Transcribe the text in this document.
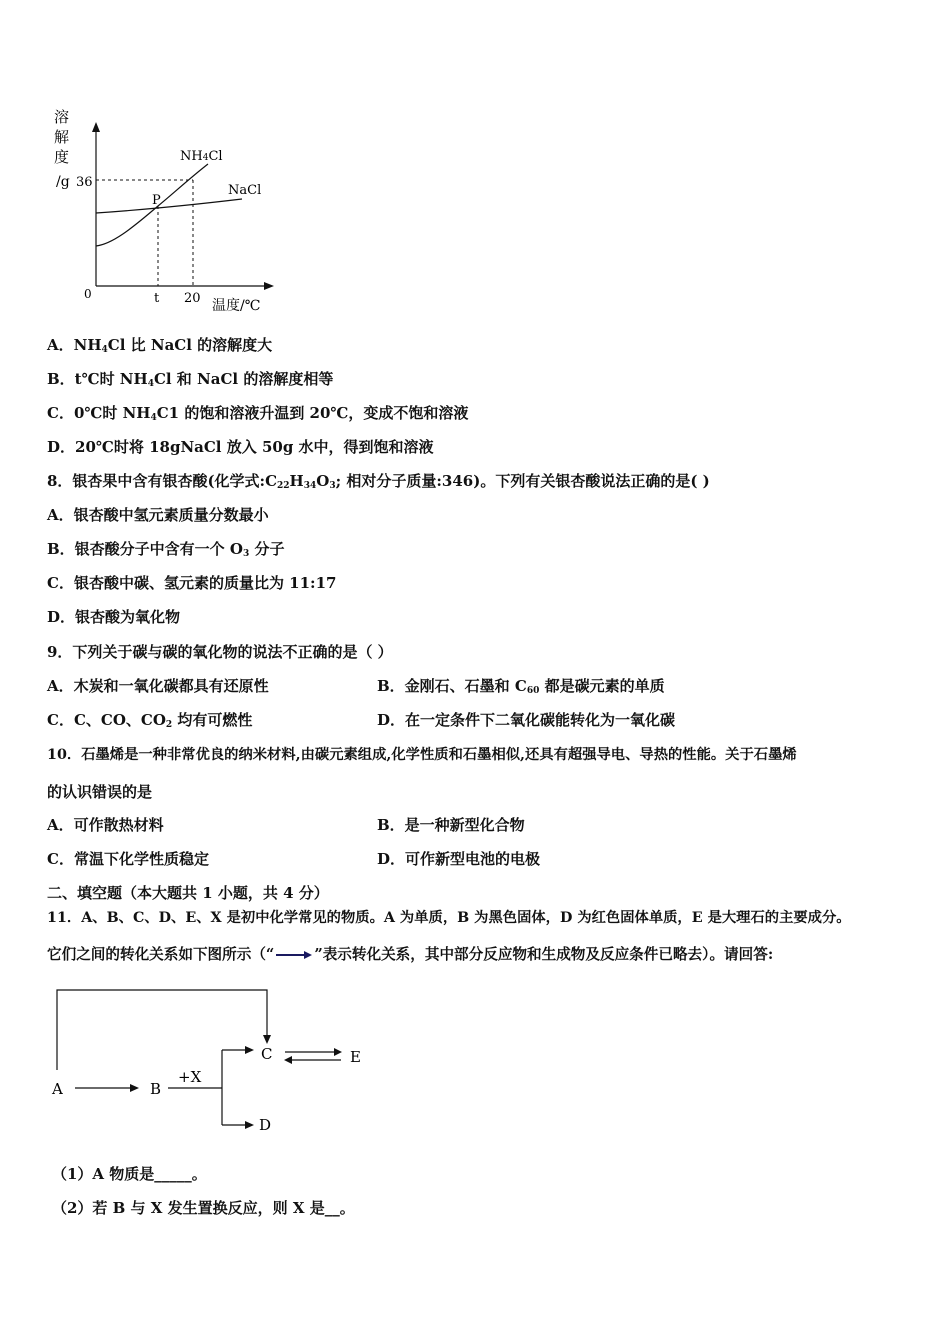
溶
解
度
/g 36
P
NH4Cl
NaCl
0	t 20 温度/℃
A．$NH_4Cl$ 比 NaCl 的溶解度大
B．t℃时 $NH_4Cl$ 和 NaCl 的溶解度相等
C．0℃时 $NH_4C1$ 的饱和溶液升温到 20℃，变成不饱和溶液
D．20℃时将 18gNaCl 放入 50g 水中，得到饱和溶液
8．银杏果中含有银杏酸(化学式$:C_{22}H_{34}O_3$; 相对分子质量:346)。下列有关银杏酸说法正确的是( )
A．银杏酸中氢元素质量分数最小
B．银杏酸分子中含有一个 $O_3$ 分子
C．银杏酸中碳、氢元素的质量比为 11:17
D．银杏酸为氧化物
9．下列关于碳与碳的氧化物的说法不正确的是（ ）
A．木炭和一氧化碳都具有还原性	B．金刚石、石墨和 $C_{60}$ 都是碳元素的单质
C．C、CO、$CO_2$ 均有可燃性	D．在一定条件下二氧化碳能转化为一氧化碳
10．石墨烯是一种非常优良的纳米材料,由碳元素组成,化学性质和石墨相似,还具有超强导电、导热的性能。关于石墨烯
的认识错误的是
A．可作散热材料	B．是一种新型化合物
C．常温下化学性质稳定	D．可作新型电池的电极
二、填空题（本大题共 1 小题，共 4 分）
11．A、B、C、D、E、X 是初中化学常见的物质。A 为单质，B 为黑色固体，D 为红色固体单质，E 是大理石的主要成分。
它们之间的转化关系如下图所示（“	”表示转化关系，其中部分反应物和生成物及反应条件已略去）。请回答:
A	B
C
D
E
+X
（1）A 物质是_____。
（2）若 B 与 X 发生置换反应，则 X 是__。
